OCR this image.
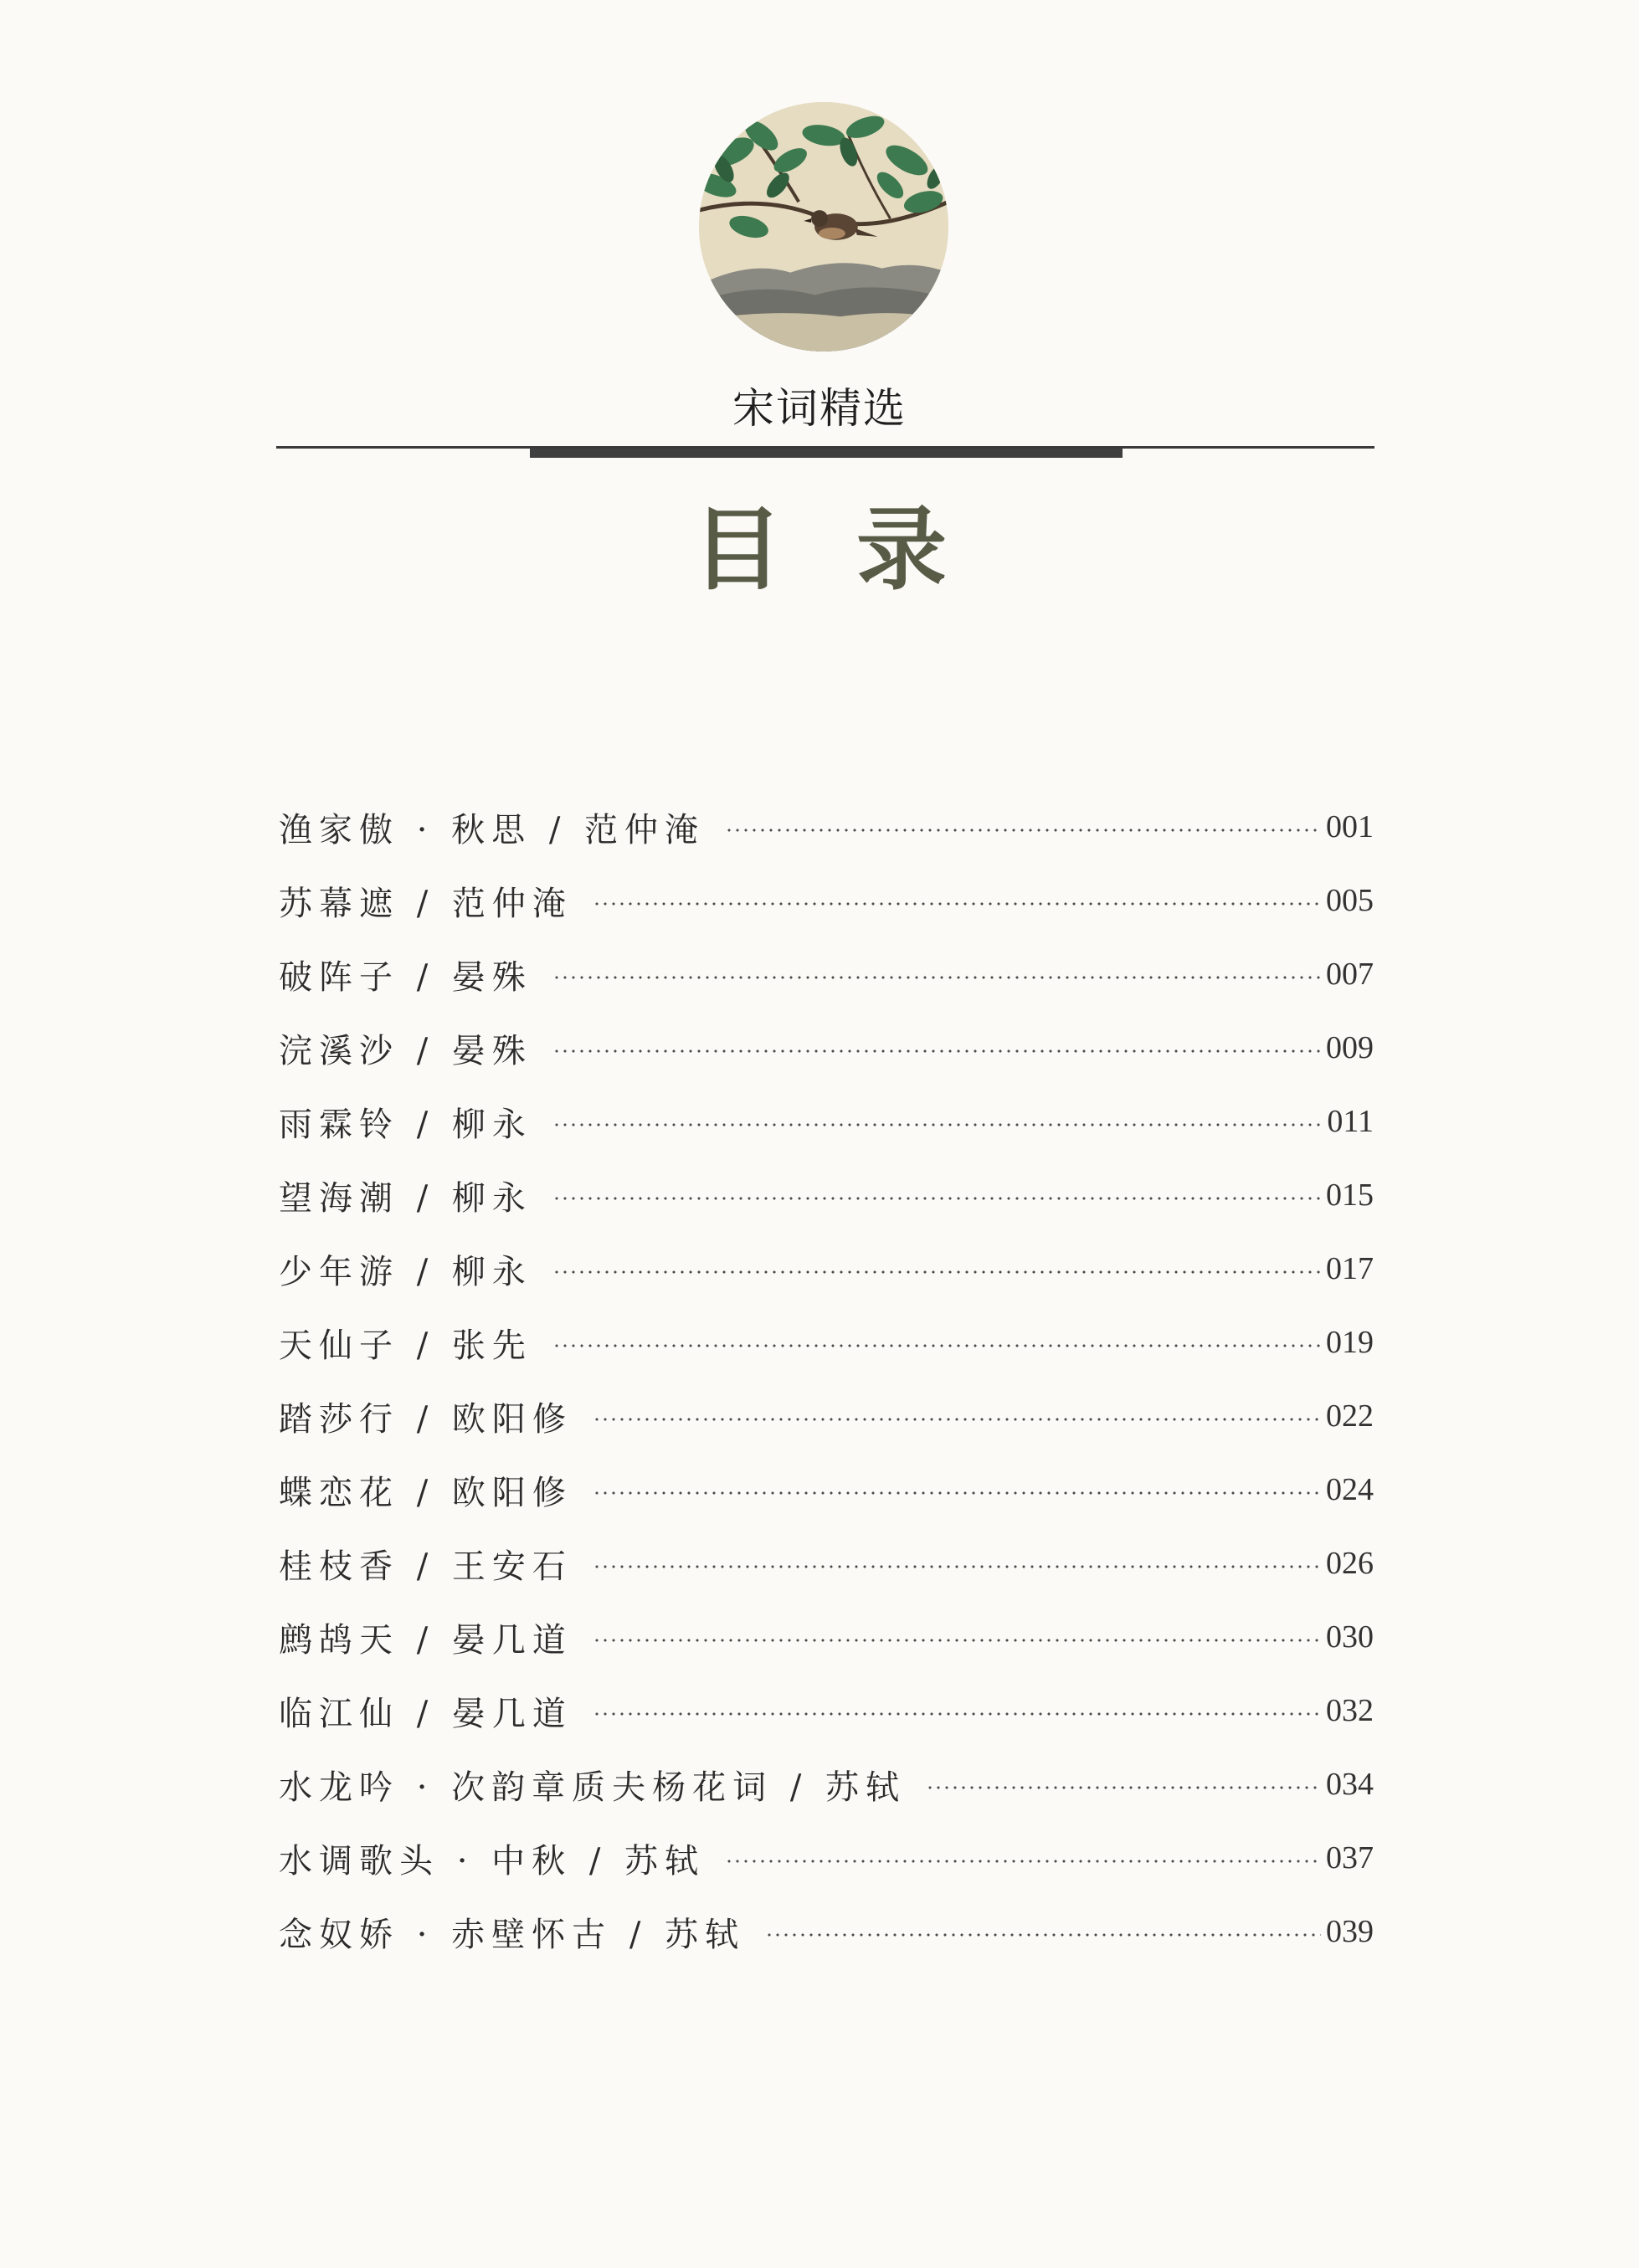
宋词精选
目 录
渔家傲 · 秋思 / 范仲淹	001
苏幕遮 / 范仲淹	005
破阵子 / 晏殊	007
浣溪沙 / 晏殊	009
雨霖铃 / 柳永	011
望海潮 / 柳永	015
少年游 / 柳永	017
天仙子 / 张先	019
踏莎行 / 欧阳修	022
蝶恋花 / 欧阳修	024
桂枝香 / 王安石	026
鹧鸪天 / 晏几道	030
临江仙 / 晏几道	032
水龙吟 · 次韵章质夫杨花词 / 苏轼	034
水调歌头 · 中秋 / 苏轼	037
念奴娇 · 赤壁怀古 / 苏轼	039
